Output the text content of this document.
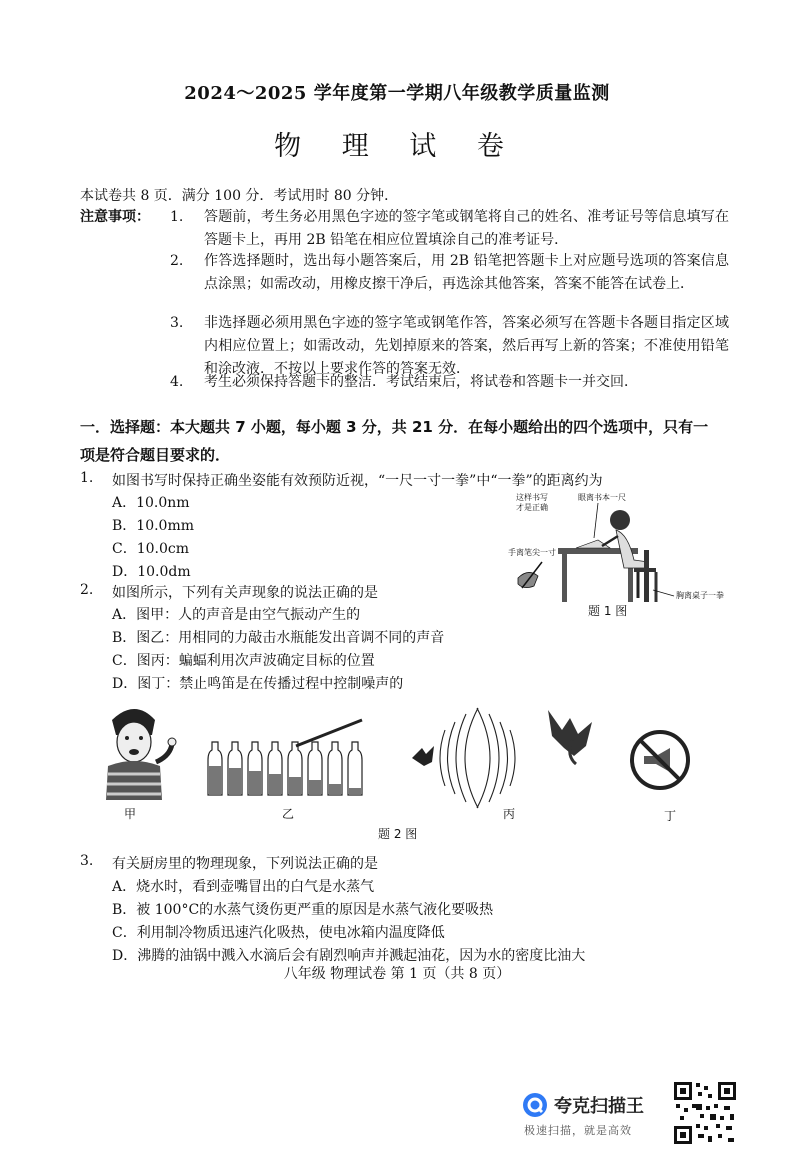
2024～2025 学年度第一学期八年级教学质量监测
物 理 试 卷
本试卷共 8 页．满分 100 分．考试用时 80 分钟．
注意事项： 1.	答题前，考生务必用黑色字迹的签字笔或钢笔将自己的姓名、准考证号等信息填写在答题卡上，再用 2B 铅笔在相应位置填涂自己的准考证号．
2.	作答选择题时，选出每小题答案后，用 2B 铅笔把答题卡上对应题号选项的答案信息点涂黑；如需改动，用橡皮擦干净后，再选涂其他答案，答案不能答在试卷上．
3.	非选择题必须用黑色字迹的签字笔或钢笔作答，答案必须写在答题卡各题目指定区域内相应位置上；如需改动，先划掉原来的答案，然后再写上新的答案；不准使用铅笔和涂改液．不按以上要求作答的答案无效．
4.	考生必须保持答题卡的整洁．考试结束后，将试卷和答题卡一并交回．
一．选择题：本大题共 7 小题，每小题 3 分，共 21 分．在每小题给出的四个选项中，只有一
项是符合题目要求的．
1. 如图书写时保持正确坐姿能有效预防近视，“一尺一寸一拳”中“一拳”的距离约为
A．10.0nm
B．10.0mm
C．10.0cm
D．10.0dm
这样书写
才是正确
眼离书本一尺
手离笔尖一寸
胸离桌子一拳
题 1 图
2. 如图所示，下列有关声现象的说法正确的是
A．图甲：人的声音是由空气振动产生的
B．图乙：用相同的力敲击水瓶能发出音调不同的声音
C．图丙：蝙蝠利用次声波确定目标的位置
D．图丁：禁止鸣笛是在传播过程中控制噪声的
甲	乙	丙	丁
题 2 图
3. 有关厨房里的物理现象，下列说法正确的是
A．烧水时，看到壶嘴冒出的白气是水蒸气
B．被 100°C的水蒸气烫伤更严重的原因是水蒸气液化要吸热
C．利用制冷物质迅速汽化吸热，使电冰箱内温度降低
D．沸腾的油锅中溅入水滴后会有剧烈响声并溅起油花，因为水的密度比油大
八年级 物理试卷 第 1 页（共 8 页）
夸克扫描王
极速扫描，就是高效
